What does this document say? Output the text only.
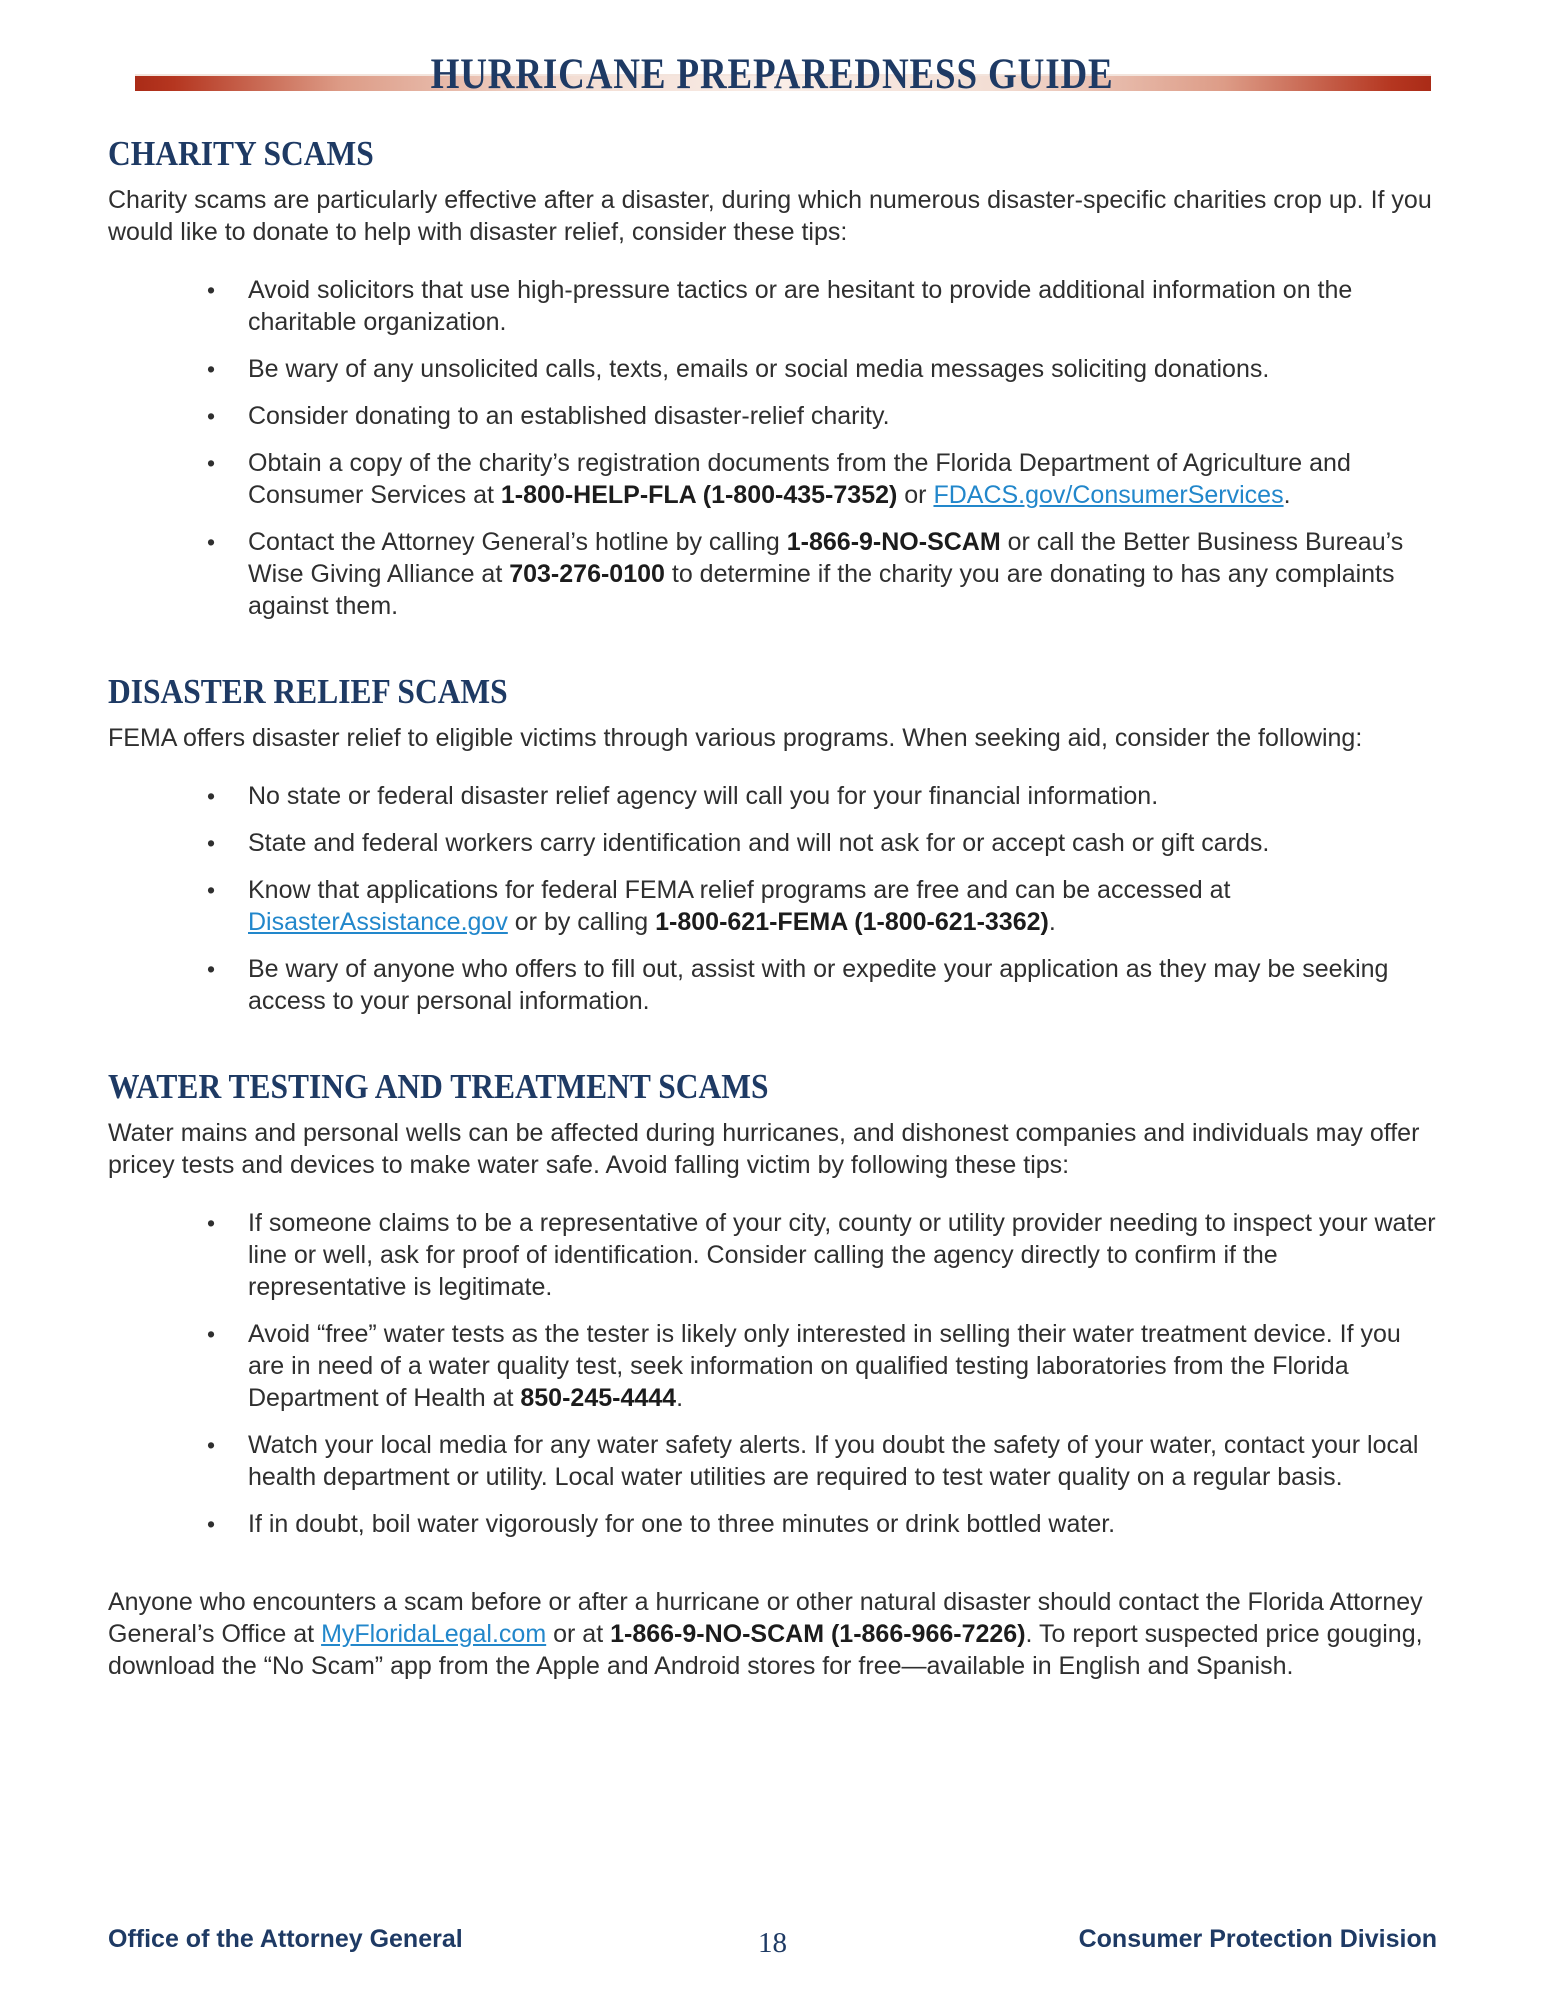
HURRICANE PREPAREDNESS GUIDE
CHARITY SCAMS

Charity scams are particularly effective after a disaster, during which numerous disaster-specific charities crop up. If you would like to donate to help with disaster relief, consider these tips:

• Avoid solicitors that use high-pressure tactics or are hesitant to provide additional information on the charitable organization.
• Be wary of any unsolicited calls, texts, emails or social media messages soliciting donations.
• Consider donating to an established disaster-relief charity.
• Obtain a copy of the charity’s registration documents from the Florida Department of Agriculture and Consumer Services at 1-800-HELP-FLA (1-800-435-7352) or FDACS.gov/ConsumerServices.
• Contact the Attorney General’s hotline by calling 1-866-9-NO-SCAM or call the Better Business Bureau’s Wise Giving Alliance at 703-276-0100 to determine if the charity you are donating to has any complaints against them.
DISASTER RELIEF SCAMS

FEMA offers disaster relief to eligible victims through various programs. When seeking aid, consider the following:

• No state or federal disaster relief agency will call you for your financial information.
• State and federal workers carry identification and will not ask for or accept cash or gift cards.
• Know that applications for federal FEMA relief programs are free and can be accessed at DisasterAssistance.gov or by calling 1-800-621-FEMA (1-800-621-3362).
• Be wary of anyone who offers to fill out, assist with or expedite your application as they may be seeking access to your personal information.
WATER TESTING AND TREATMENT SCAMS

Water mains and personal wells can be affected during hurricanes, and dishonest companies and individuals may offer pricey tests and devices to make water safe. Avoid falling victim by following these tips:

• If someone claims to be a representative of your city, county or utility provider needing to inspect your water line or well, ask for proof of identification. Consider calling the agency directly to confirm if the representative is legitimate.
• Avoid “free” water tests as the tester is likely only interested in selling their water treatment device. If you are in need of a water quality test, seek information on qualified testing laboratories from the Florida Department of Health at 850-245-4444.
• Watch your local media for any water safety alerts. If you doubt the safety of your water, contact your local health department or utility. Local water utilities are required to test water quality on a regular basis.
• If in doubt, boil water vigorously for one to three minutes or drink bottled water.

Anyone who encounters a scam before or after a hurricane or other natural disaster should contact the Florida Attorney General’s Office at MyFloridaLegal.com or at 1-866-9-NO-SCAM (1-866-966-7226). To report suspected price gouging, download the “No Scam” app from the Apple and Android stores for free—available in English and Spanish.

Office of the Attorney General	18	Consumer Protection Division
